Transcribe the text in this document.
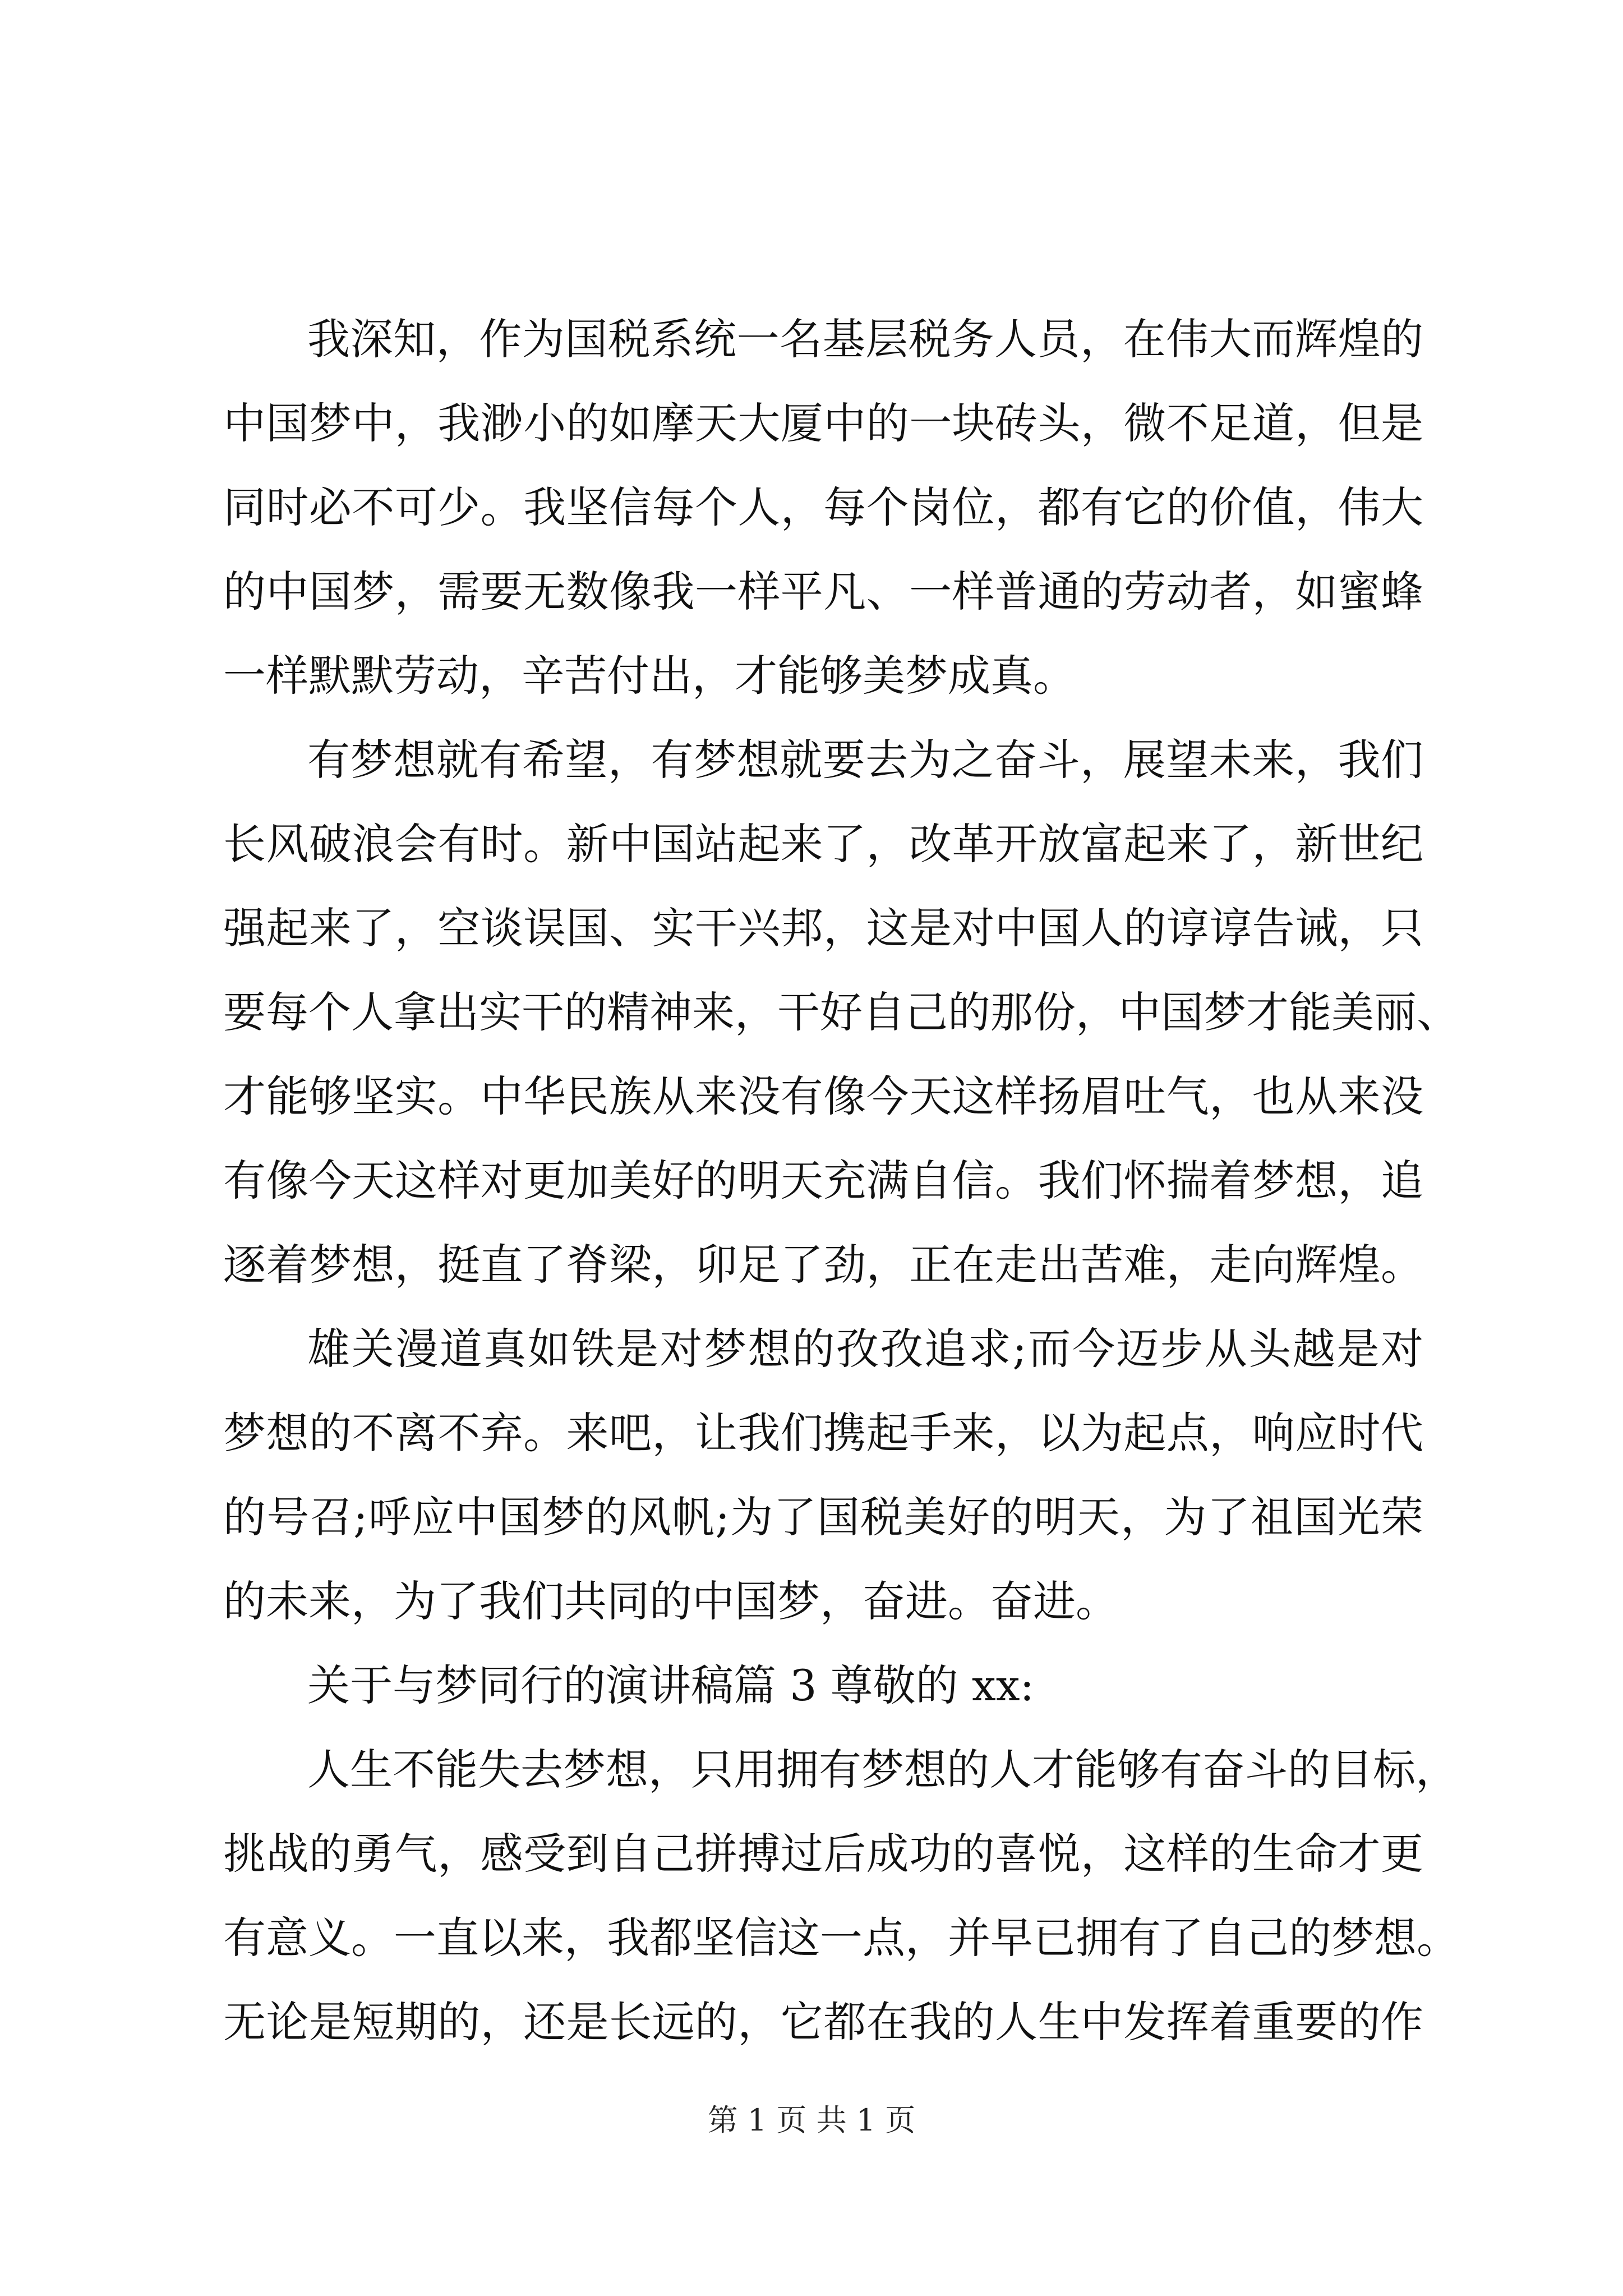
我深知，作为国税系统一名基层税务人员，在伟大而辉煌的
中国梦中，我渺小的如摩天大厦中的一块砖头，微不足道，但是
同时必不可少。我坚信每个人，每个岗位，都有它的价值，伟大
的中国梦，需要无数像我一样平凡、一样普通的劳动者，如蜜蜂
一样默默劳动，辛苦付出，才能够美梦成真。
有梦想就有希望，有梦想就要去为之奋斗，展望未来，我们
长风破浪会有时。新中国站起来了，改革开放富起来了，新世纪
强起来了，空谈误国、实干兴邦，这是对中国人的谆谆告诫，只
要每个人拿出实干的精神来，干好自己的那份，中国梦才能美丽、
才能够坚实。中华民族从来没有像今天这样扬眉吐气，也从来没
有像今天这样对更加美好的明天充满自信。我们怀揣着梦想，追
逐着梦想，挺直了脊梁，卯足了劲，正在走出苦难，走向辉煌。
雄关漫道真如铁是对梦想的孜孜追求;而今迈步从头越是对
梦想的不离不弃。来吧，让我们携起手来，以为起点，响应时代
的号召;呼应中国梦的风帆;为了国税美好的明天，为了祖国光荣
的未来，为了我们共同的中国梦，奋进。奋进。
关于与梦同行的演讲稿篇 3 尊敬的 xx:
人生不能失去梦想，只用拥有梦想的人才能够有奋斗的目标，
挑战的勇气，感受到自己拼搏过后成功的喜悦，这样的生命才更
有意义。一直以来，我都坚信这一点，并早已拥有了自己的梦想。
无论是短期的，还是长远的，它都在我的人生中发挥着重要的作
第 1 页 共 1 页
